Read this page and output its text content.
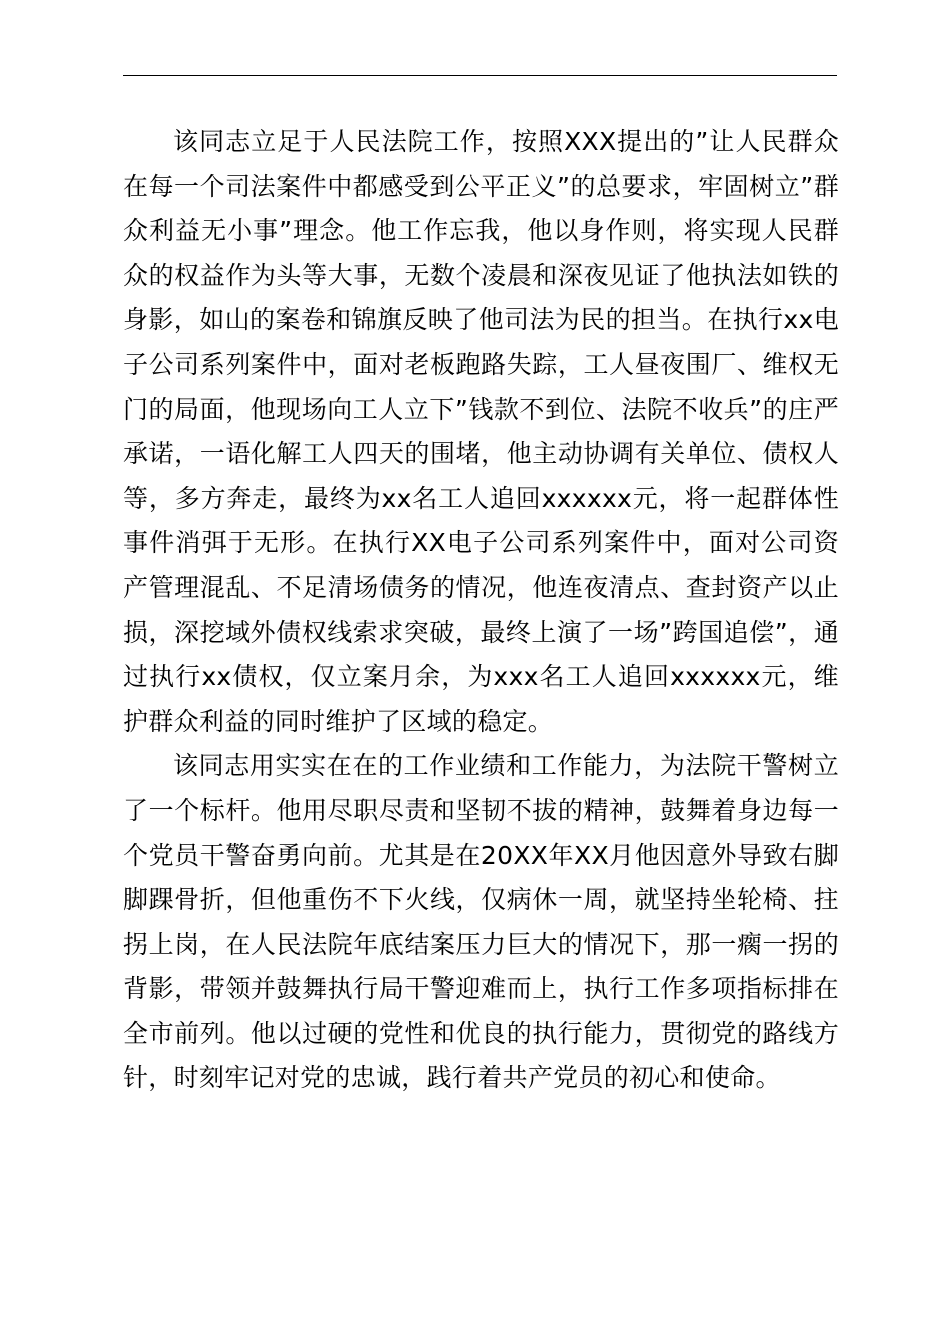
该同志立足于人民法院工作，按照XXX提出的”让人民群众在每一个司法案件中都感受到公平正义”的总要求，牢固树立”群众利益无小事”理念。他工作忘我，他以身作则，将实现人民群众的权益作为头等大事，无数个凌晨和深夜见证了他执法如铁的身影，如山的案卷和锦旗反映了他司法为民的担当。在执行xx电子公司系列案件中，面对老板跑路失踪，工人昼夜围厂、维权无门的局面，他现场向工人立下”钱款不到位、法院不收兵”的庄严承诺，一语化解工人四天的围堵，他主动协调有关单位、债权人等，多方奔走，最终为xx名工人追回xxxxxx元，将一起群体性事件消弭于无形。在执行XX电子公司系列案件中，面对公司资产管理混乱、不足清场债务的情况，他连夜清点、查封资产以止损，深挖域外债权线索求突破，最终上演了一场”跨国追偿”，通过执行xx债权，仅立案月余，为xxx名工人追回xxxxxx元，维护群众利益的同时维护了区域的稳定。

该同志用实实在在的工作业绩和工作能力，为法院干警树立了一个标杆。他用尽职尽责和坚韧不拔的精神，鼓舞着身边每一个党员干警奋勇向前。尤其是在20XX年XX月他因意外导致右脚脚踝骨折，但他重伤不下火线，仅病休一周，就坚持坐轮椅、拄拐上岗，在人民法院年底结案压力巨大的情况下，那一瘸一拐的背影，带领并鼓舞执行局干警迎难而上，执行工作多项指标排在全市前列。他以过硬的党性和优良的执行能力，贯彻党的路线方针，时刻牢记对党的忠诚，践行着共产党员的初心和使命。
